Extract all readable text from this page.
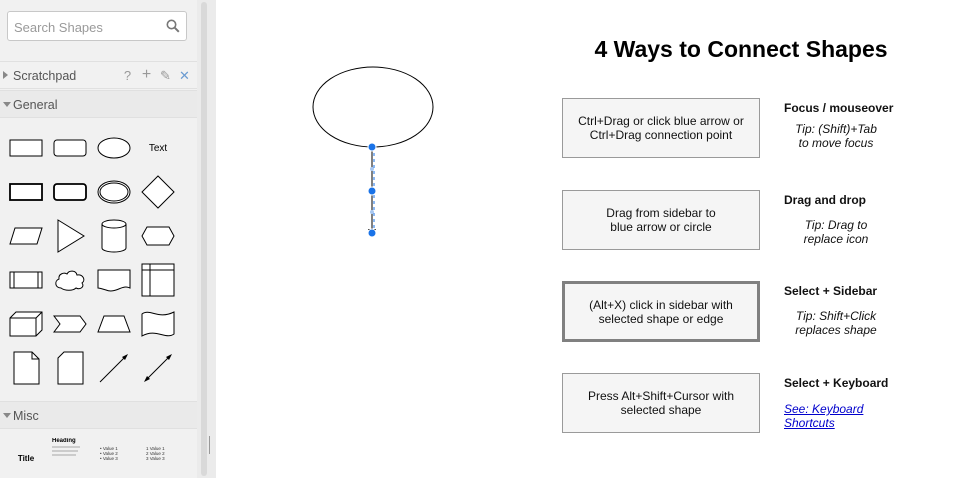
Search Shapes
Scratchpad	? + ✎ ✕
General
Text
Misc
Title
Heading
• Value 1
• Value 2
• Value 3
1 Value 1
2 Value 2
3 Value 3
4 Ways to Connect Shapes
Ctrl+Drag or click blue arrow or
Ctrl+Drag connection point
Focus / mouseover
Tip: (Shift)+Tab
to move focus
Drag from sidebar to
blue arrow or circle
Drag and drop
Tip: Drag to
replace icon
(Alt+X) click in sidebar with
selected shape or edge
Select + Sidebar
Tip: Shift+Click
replaces shape
Press Alt+Shift+Cursor with
selected shape
Select + Keyboard
See: Keyboard
Shortcuts
